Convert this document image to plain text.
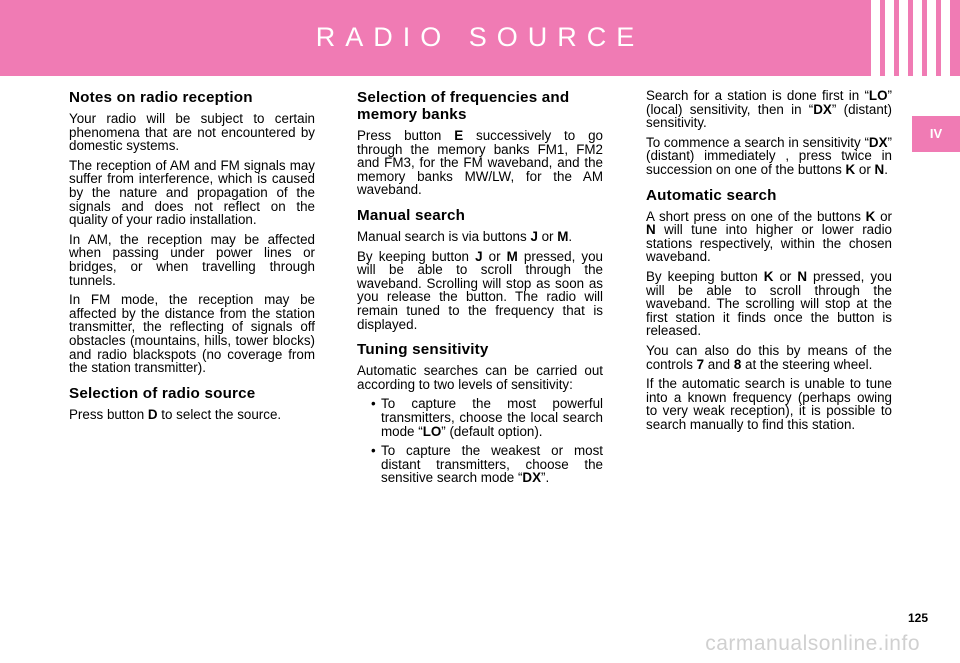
RADIO SOURCE
IV
Notes on radio reception

Your radio will be subject to certain phenomena that are not encountered by domestic systems.

The reception of AM and FM signals may suffer from interference, which is caused by the nature and propagation of the signals and does not reflect on the quality of your radio installation.

In AM, the reception may be affected when passing under power lines or bridges, or when travelling through tunnels.

In FM mode, the reception may be affected by the distance from the station transmitter, the reflecting of signals off obstacles (mountains, hills, tower blocks) and radio blackspots (no coverage from the station transmitter).

Selection of radio source

Press button D to select the source.

Selection of frequencies and memory banks

Press button E successively to go through the memory banks FM1, FM2 and FM3, for the FM waveband, and the memory banks MW/LW, for the AM waveband.

Manual search

Manual search is via buttons J or M.

By keeping button J or M pressed, you will be able to scroll through the waveband. Scrolling will stop as soon as you release the button. The radio will remain tuned to the frequency that is displayed.

Tuning sensitivity

Automatic searches can be carried out according to two levels of sensitivity:

• To capture the most powerful transmitters, choose the local search mode “LO” (default option).
• To capture the weakest or most distant transmitters, choose the sensitive search mode “DX”.

Search for a station is done first in “LO” (local) sensitivity, then in “DX” (distant) sensitivity.

To commence a search in sensitivity “DX” (distant) immediately , press twice in succession on one of the buttons K or N.

Automatic search

A short press on one of the buttons K or N will tune into higher or lower radio stations respectively, within the chosen waveband.

By keeping button K or N pressed, you will be able to scroll through the waveband. The scrolling will stop at the first station it finds once the button is released.

You can also do this by means of the controls 7 and 8 at the steering wheel.

If the automatic search is unable to tune into a known frequency (perhaps owing to very weak reception), it is possible to search manually to find this station.

125
carmanualsonline.info
